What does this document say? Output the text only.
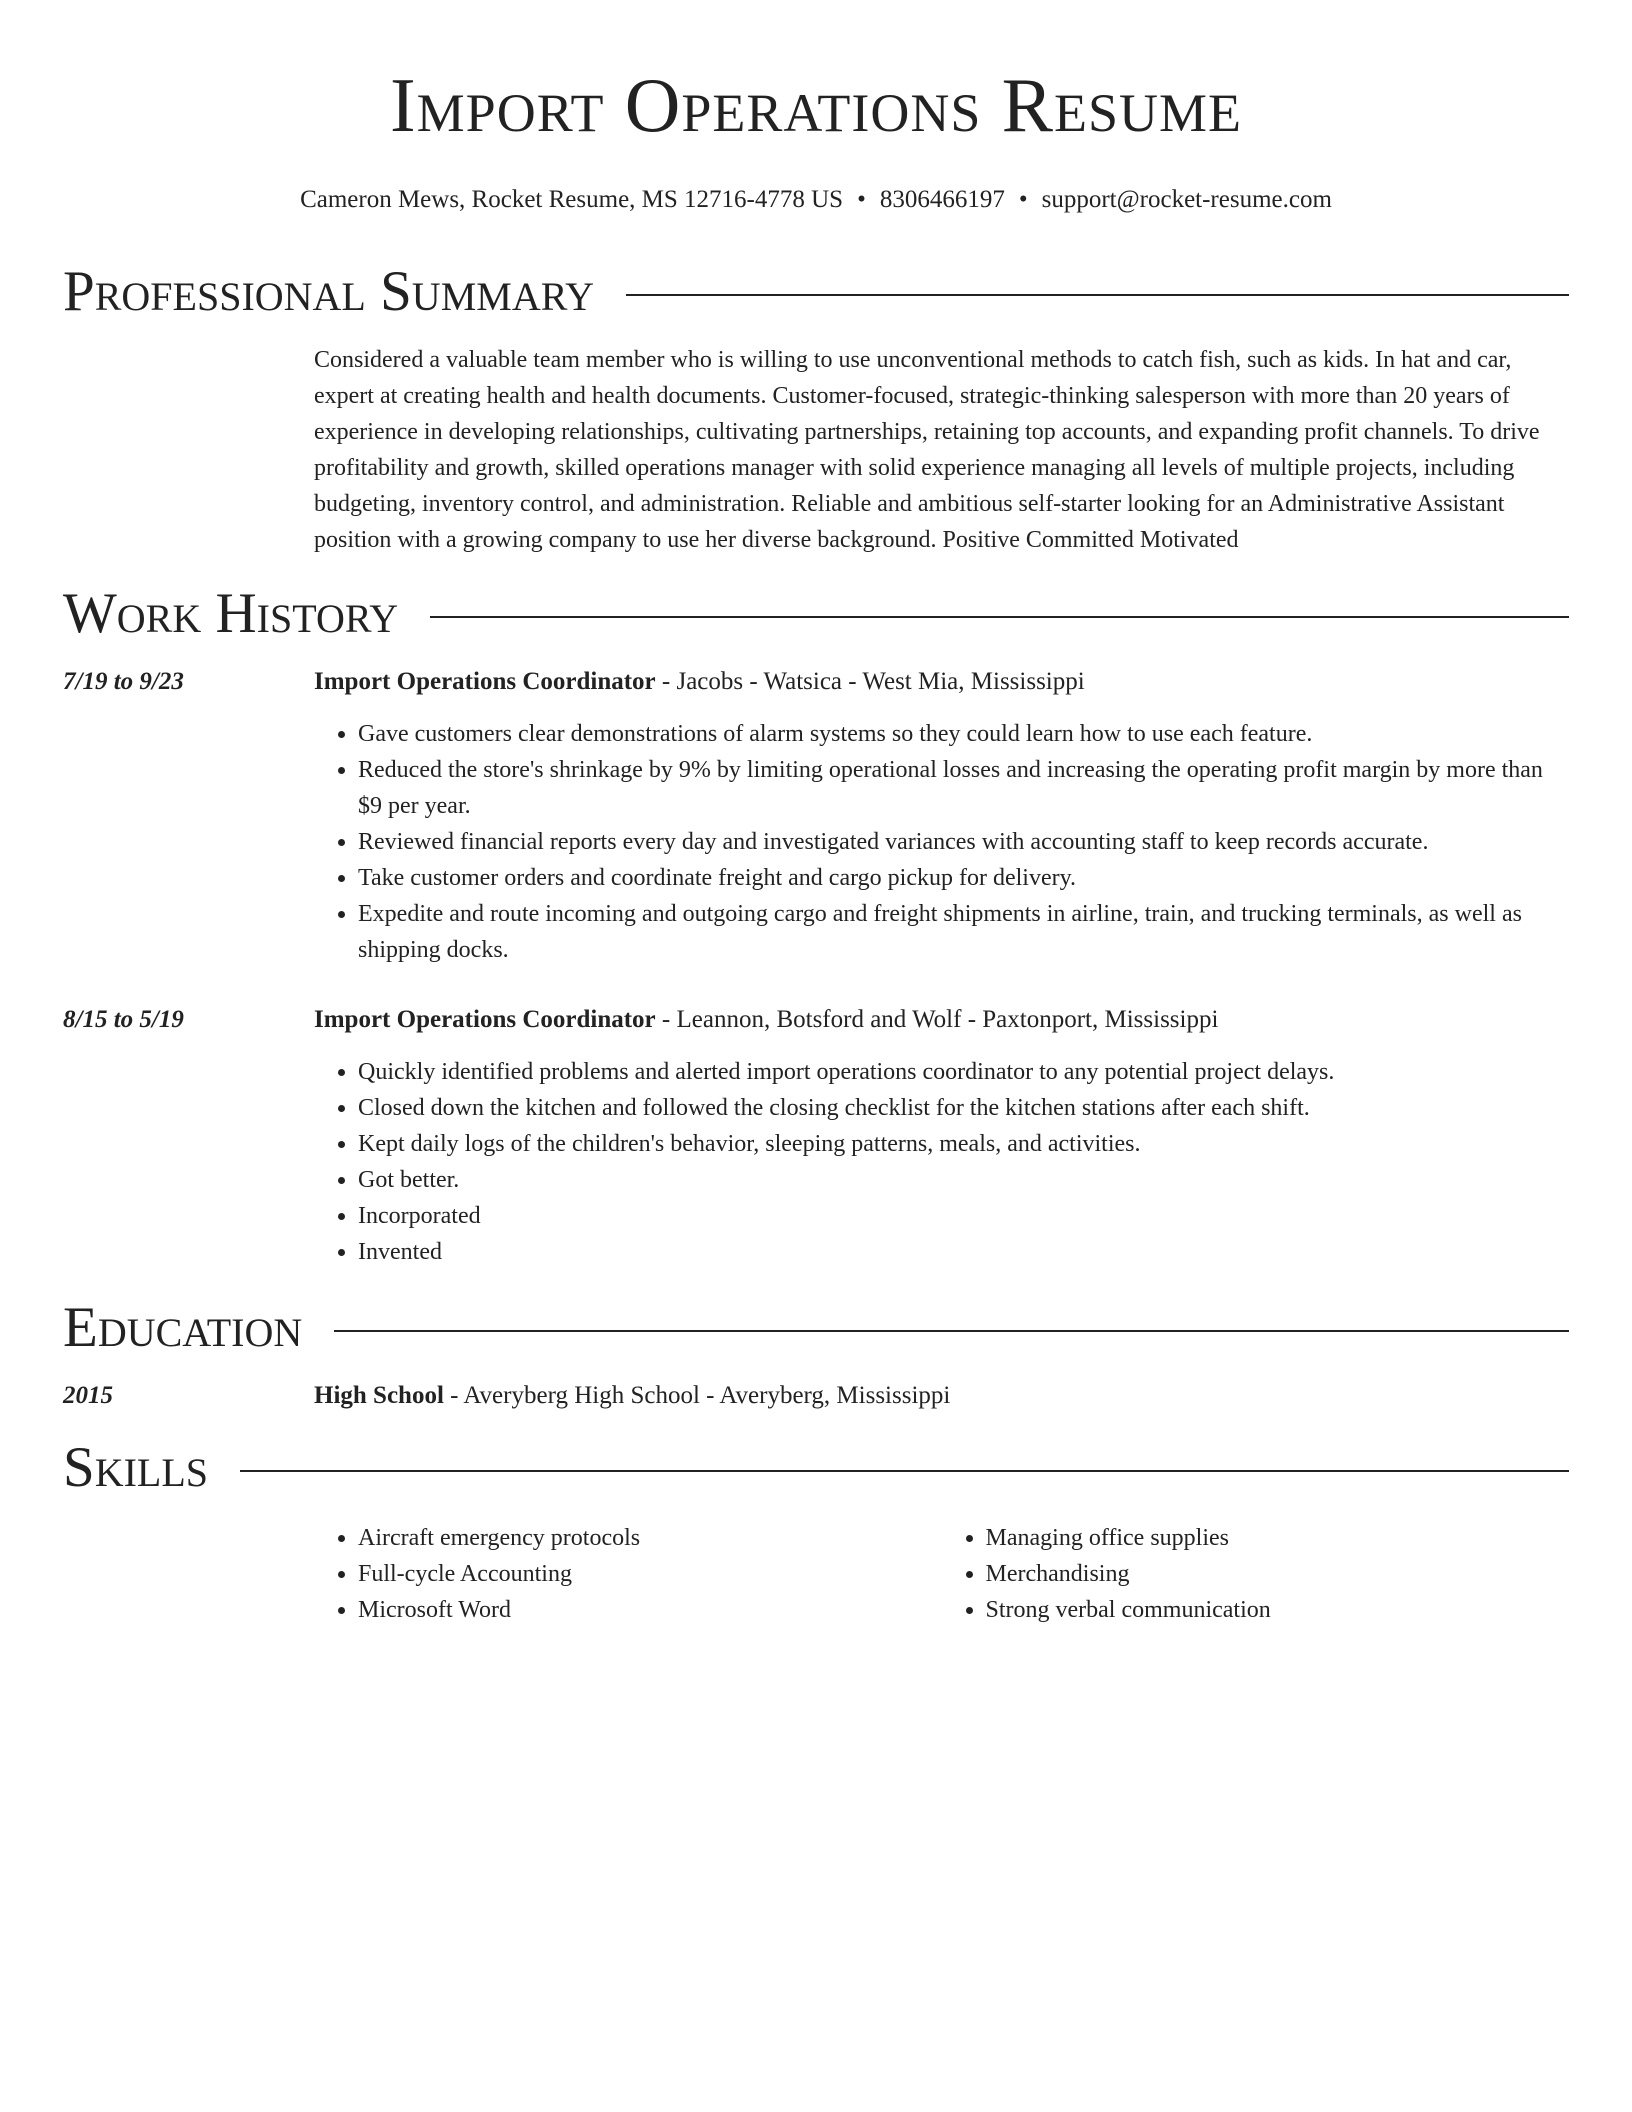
Import Operations Resume
Cameron Mews, Rocket Resume, MS 12716-4778 US • 8306466197 • support@rocket-resume.com
Professional Summary
Considered a valuable team member who is willing to use unconventional methods to catch fish, such as kids. In hat and car, expert at creating health and health documents. Customer-focused, strategic-thinking salesperson with more than 20 years of experience in developing relationships, cultivating partnerships, retaining top accounts, and expanding profit channels. To drive profitability and growth, skilled operations manager with solid experience managing all levels of multiple projects, including budgeting, inventory control, and administration. Reliable and ambitious self-starter looking for an Administrative Assistant position with a growing company to use her diverse background. Positive Committed Motivated
Work History
7/19 to 9/23	Import Operations Coordinator - Jacobs - Watsica - West Mia, Mississippi
• Gave customers clear demonstrations of alarm systems so they could learn how to use each feature.
• Reduced the store's shrinkage by 9% by limiting operational losses and increasing the operating profit margin by more than $9 per year.
• Reviewed financial reports every day and investigated variances with accounting staff to keep records accurate.
• Take customer orders and coordinate freight and cargo pickup for delivery.
• Expedite and route incoming and outgoing cargo and freight shipments in airline, train, and trucking terminals, as well as shipping docks.
8/15 to 5/19	Import Operations Coordinator - Leannon, Botsford and Wolf - Paxtonport, Mississippi
• Quickly identified problems and alerted import operations coordinator to any potential project delays.
• Closed down the kitchen and followed the closing checklist for the kitchen stations after each shift.
• Kept daily logs of the children's behavior, sleeping patterns, meals, and activities.
• Got better.
• Incorporated
• Invented
Education
2015	High School - Averyberg High School - Averyberg, Mississippi
Skills
• Aircraft emergency protocols
• Full-cycle Accounting
• Microsoft Word
• Managing office supplies
• Merchandising
• Strong verbal communication
